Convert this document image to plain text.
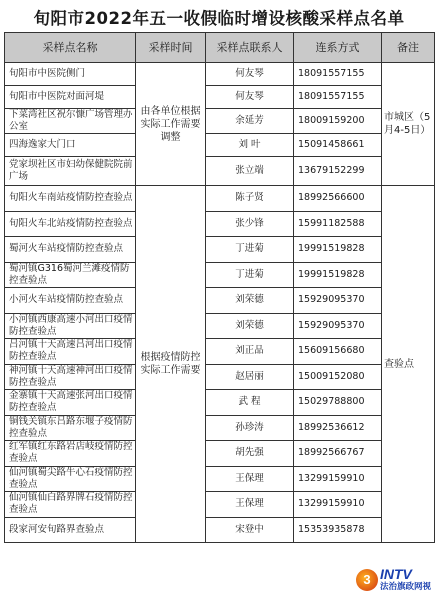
旬阳市2022年五一收假临时增设核酸采样点名单
采样点名称	采样时间	采样点联系人	连系方式	备注
旬阳市中医院侧门	由各单位根据实际工作需要调整	何友琴	18091557155	市城区（5月4-5日）
旬阳市中医院对面河堤		何友琴	18091557155	
下菜湾社区祝尔慷广场管理办公室		余延芳	18009159200	
四海逸家大门口		刘 叶	15091458661	
党家坝社区市妇幼保健院院前广场		张立端	13679152299	
旬阳火车南站疫情防控查验点	根据疫情防控实际工作需要	陈子贤	18992566600	查验点
旬阳火车北站疫情防控查验点		张少锋	15991182588	
蜀河火车站疫情防控查验点		丁进菊	19991519828	
蜀河镇G316蜀河兰滩疫情防控查验点		丁进菊	19991519828	
小河火车站疫情防控查验点		刘荣德	15929095370	
小河镇西康高速小河出口疫情防控查验点		刘荣德	15929095370	
吕河镇十天高速吕河出口疫情防控查验点		刘正品	15609156680	
神河镇十天高速神河出口疫情防控查验点		赵居丽	15009152080	
金寨镇十天高速张河出口疫情防控查验点		武 程	15029788800	
铜钱关镇东吕路东堰子疫情防控查验点		孙珍涛	18992536612	
红军镇红东路岩店岐疫情防控查验点		胡先强	18992566767	
仙河镇蜀尖路牛心石疫情防控查验点		王保理	13299159910	
仙河镇仙白路界牌石疫情防控查验点		王保理	13299159910	
段家河安旬路界查验点		宋登中	15353935878	
3 INTV
法治旗政网视
